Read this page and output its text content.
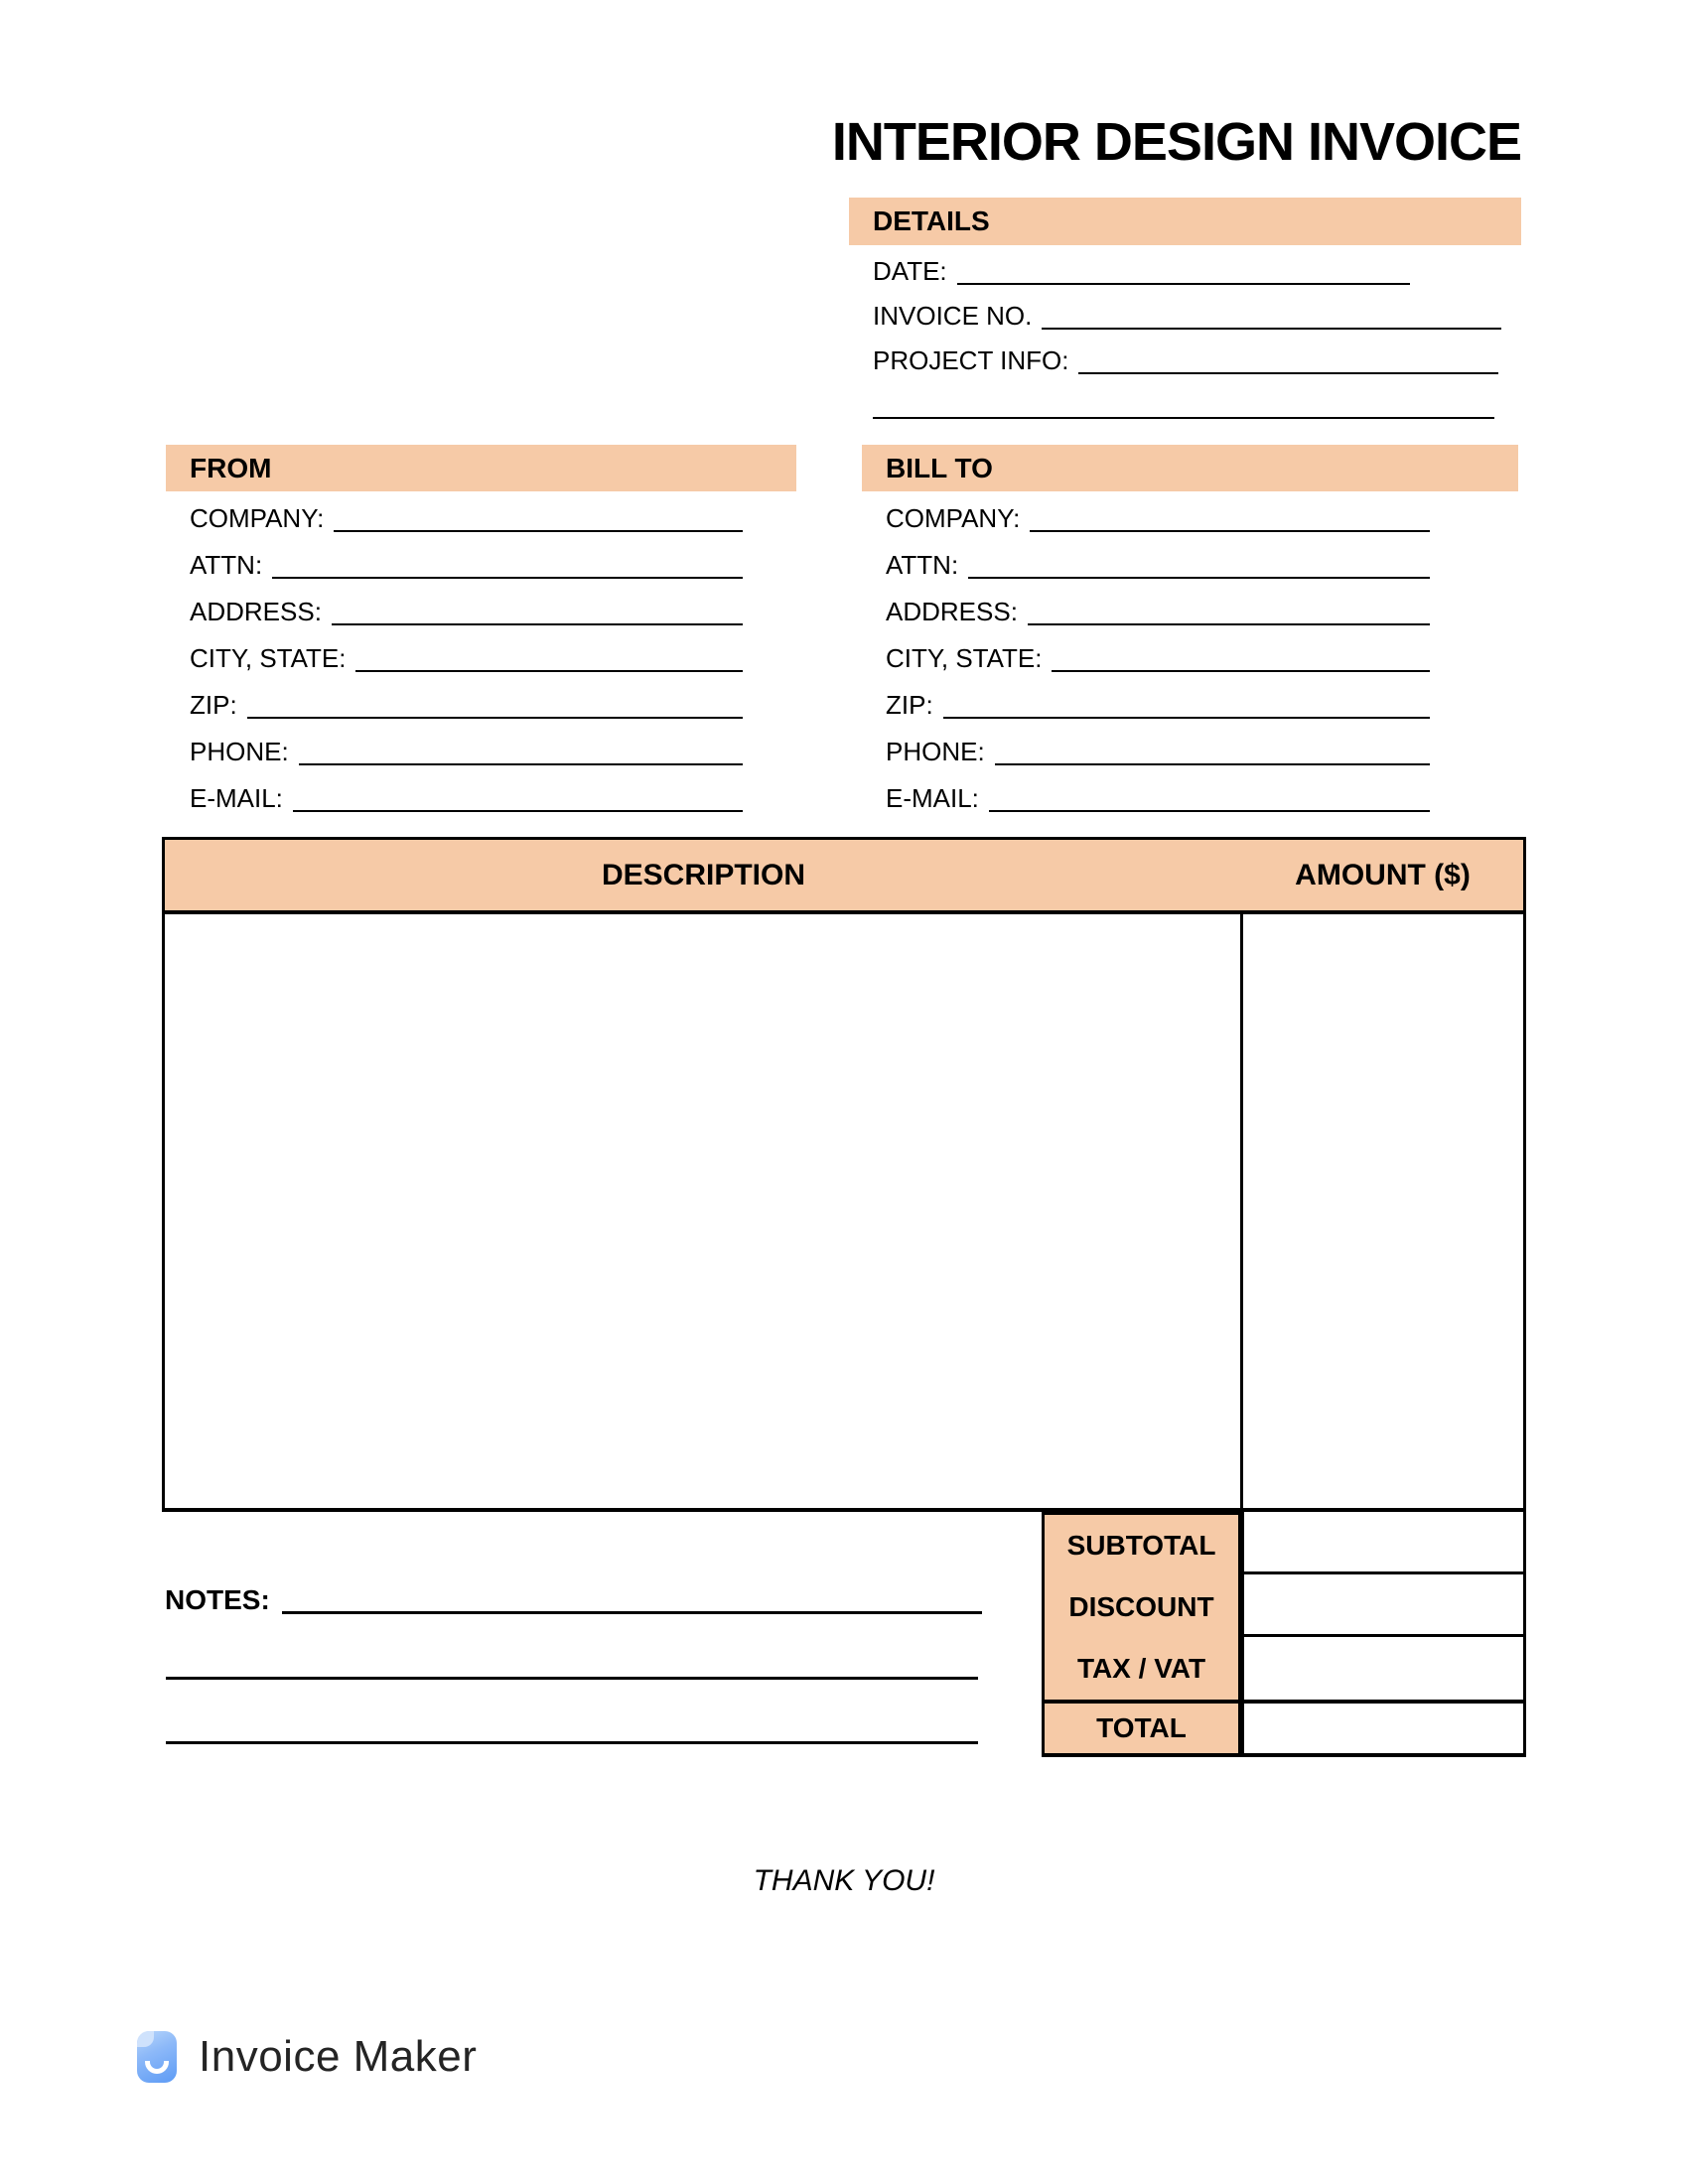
INTERIOR DESIGN INVOICE
DETAILS
DATE:
INVOICE NO.
PROJECT INFO:
FROM
COMPANY:
ATTN:
ADDRESS:
CITY, STATE:
ZIP:
PHONE:
E-MAIL:
BILL TO
COMPANY:
ATTN:
ADDRESS:
CITY, STATE:
ZIP:
PHONE:
E-MAIL:
DESCRIPTION	AMOUNT ($)
SUBTOTAL
DISCOUNT
TAX / VAT
TOTAL
NOTES:
THANK YOU!
Invoice Maker
